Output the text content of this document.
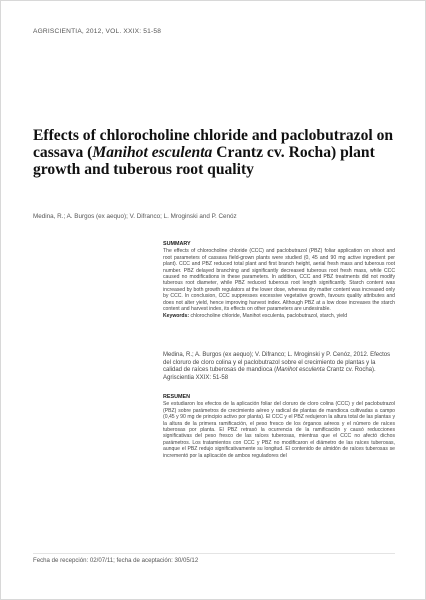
AGRISCIENTIA, 2012, VOL. XXIX: 51-58
Effects of chlorocholine chloride and paclobutrazol on cassava (Manihot esculenta Crantz cv. Rocha) plant growth and tuberous root quality
Medina, R.; A. Burgos (ex aequo); V. Difranco; L. Mroginski and P. Cenóz
SUMMARY
The effects of chlorocholine chloride (CCC) and paclobutrazol (PBZ) foliar application on shoot and root parameters of cassava field-grown plants were studied (0, 45 and 90 mg active ingredient per plant). CCC and PBZ reduced total plant and first branch height, aerial fresh mass and tuberous root number. PBZ delayed branching and significantly decreased tuberous root fresh mass, while CCC caused no modifications in these parameters. In addition, CCC and PBZ treatments did not modify tuberous root diameter, while PBZ reduced tuberous root length significantly. Starch content was increased by both growth regulators at the lower dose, whereas dry matter content was increased only by CCC. In conclusion, CCC suppresses excessive vegetative growth, favours quality attributes and does not alter yield, hence improving harvest index. Although PBZ at a low dose increases the starch content and harvest index, its effects on other parameters are undesirable.
Keywords: chlorocholine chloride, Manihot esculenta, paclobutrazol, starch, yield
Medina, R.; A. Burgos (ex aequo); V. Difranco; L. Mroginski y P. Cenóz, 2012. Efectos del cloruro de cloro colina y el paclobutrazol sobre el crecimiento de plantas y la calidad de raíces tuberosas de mandioca (Manihot esculenta Crantz cv. Rocha). Agriscientia XXIX: 51-58
RESUMEN
Se estudiaron los efectos de la aplicación foliar del cloruro de cloro colina (CCC) y del paclobutrazol (PBZ) sobre parámetros de crecimiento aéreo y radical de plantas de mandioca cultivadas a campo (0,45 y 90 mg de principio activo por planta). El CCC y el PBZ redujeron la altura total de las plantas y la altura de la primera ramificación, el peso fresco de los órganos aéreos y el número de raíces tuberosas por planta. El PBZ retrasó la ocurrencia de la ramificación y causó reducciones significativas del peso fresco de las raíces tuberosas, mientras que el CCC no afectó dichos parámetros. Los tratamientos con CCC y PBZ no modificaron el diámetro de las raíces tuberosas, aunque el PBZ redujo significativamente su longitud. El contenido de almidón de raíces tuberosas se incrementó por la aplicación de ambos reguladores del
Fecha de recepción: 02/07/11; fecha de aceptación: 30/05/12
